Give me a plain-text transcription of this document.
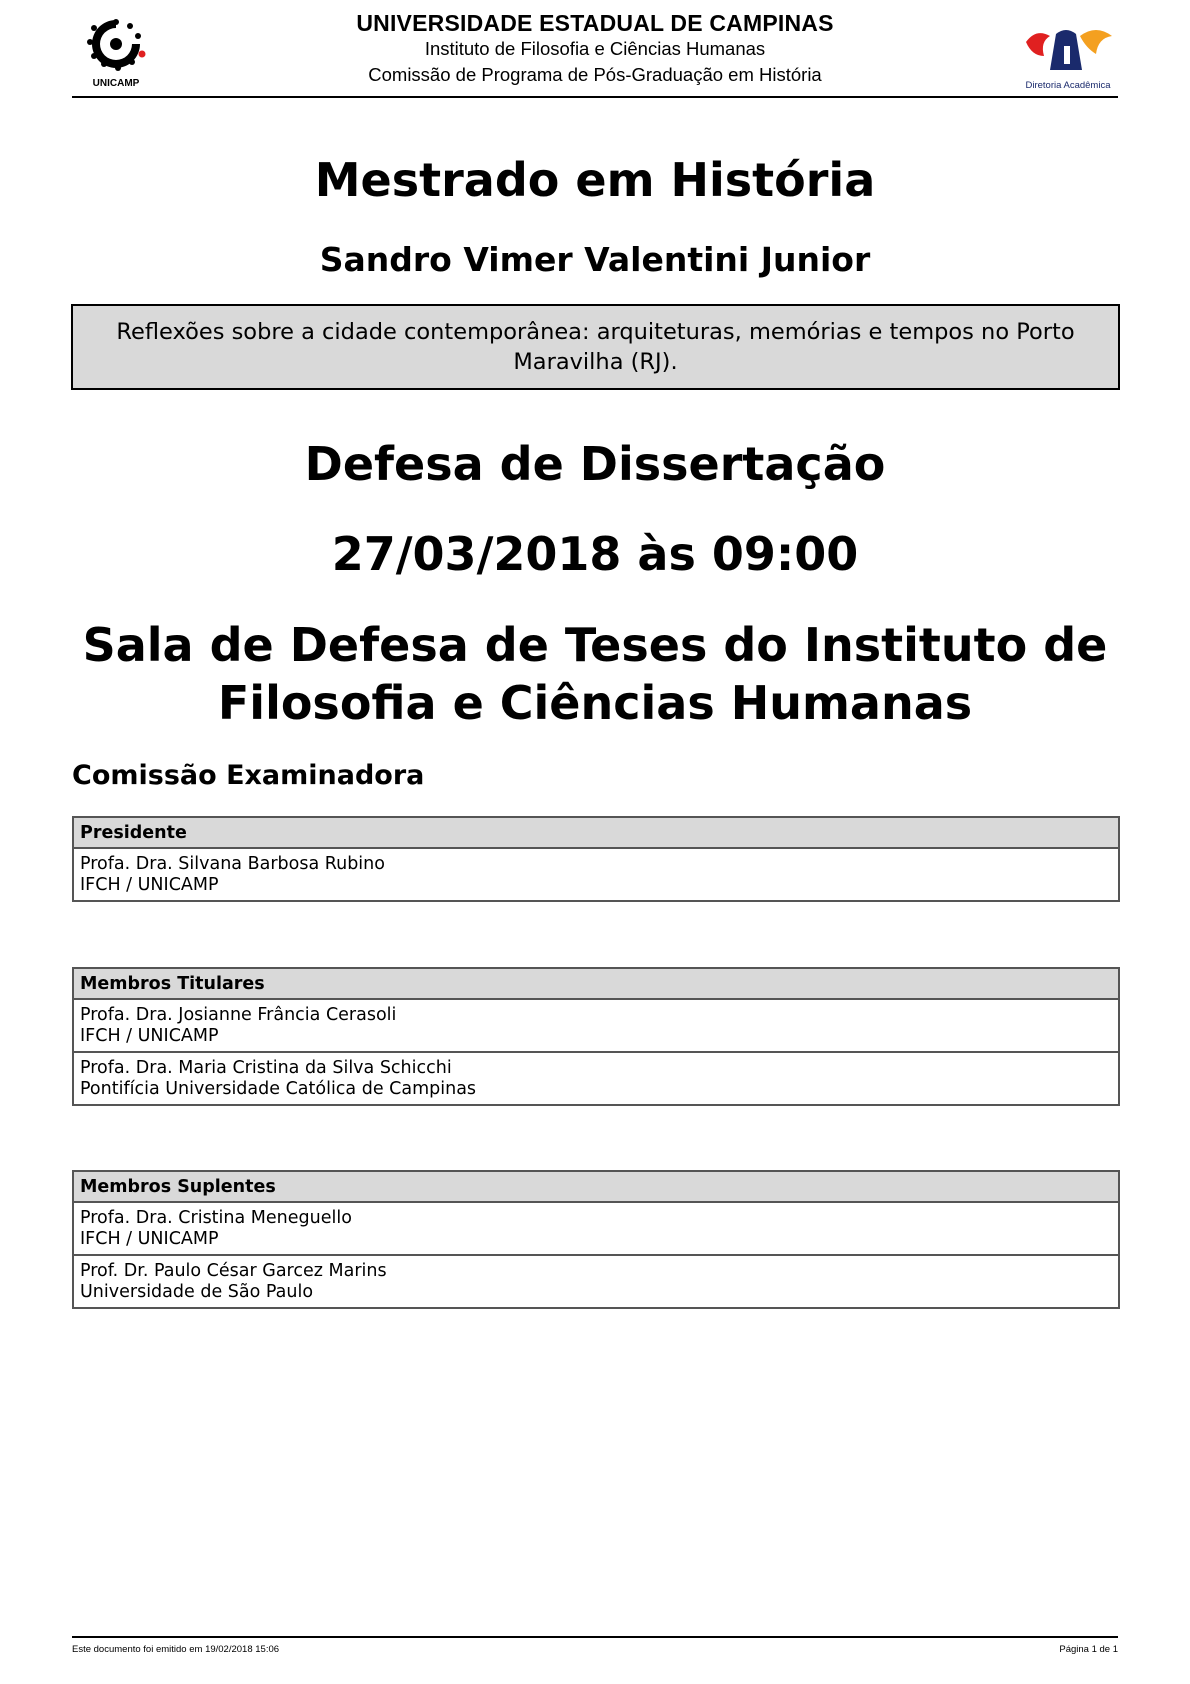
UNICAMP
UNIVERSIDADE ESTADUAL DE CAMPINAS
Instituto de Filosofia e Ciências Humanas
Comissão de Programa de Pós-Graduação em História
Diretoria Acadêmica
Mestrado em História
Sandro Vimer Valentini Junior
Reflexões sobre a cidade contemporânea: arquiteturas, memórias e tempos no Porto Maravilha (RJ).
Defesa de Dissertação
27/03/2018 às 09:00
Sala de Defesa de Teses do Instituto de Filosofia e Ciências Humanas
Comissão Examinadora
Presidente
Profa. Dra. Silvana Barbosa Rubino
IFCH / UNICAMP
Membros Titulares
Profa. Dra. Josianne Frância Cerasoli
IFCH / UNICAMP
Profa. Dra. Maria Cristina da Silva Schicchi
Pontifícia Universidade Católica de Campinas
Membros Suplentes
Profa. Dra. Cristina Meneguello
IFCH / UNICAMP
Prof. Dr. Paulo César Garcez Marins
Universidade de São Paulo
Este documento foi emitido em 19/02/2018 15:06	Página 1 de 1
